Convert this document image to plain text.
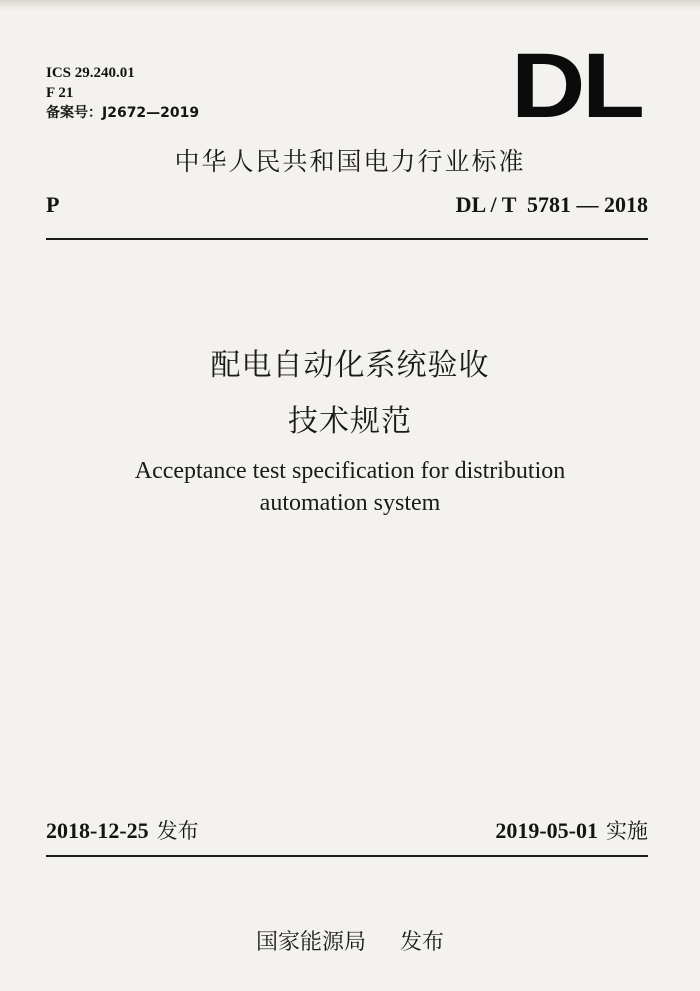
ICS 29.240.01
F 21
备案号：J2672—2019	DL
中华人民共和国电力行业标准
P	DL / T  5781 — 2018
配电自动化系统验收
技术规范
Acceptance test specification for distribution
automation system
2018-12-25 发布	2019-05-01 实施
国家能源局 发布
